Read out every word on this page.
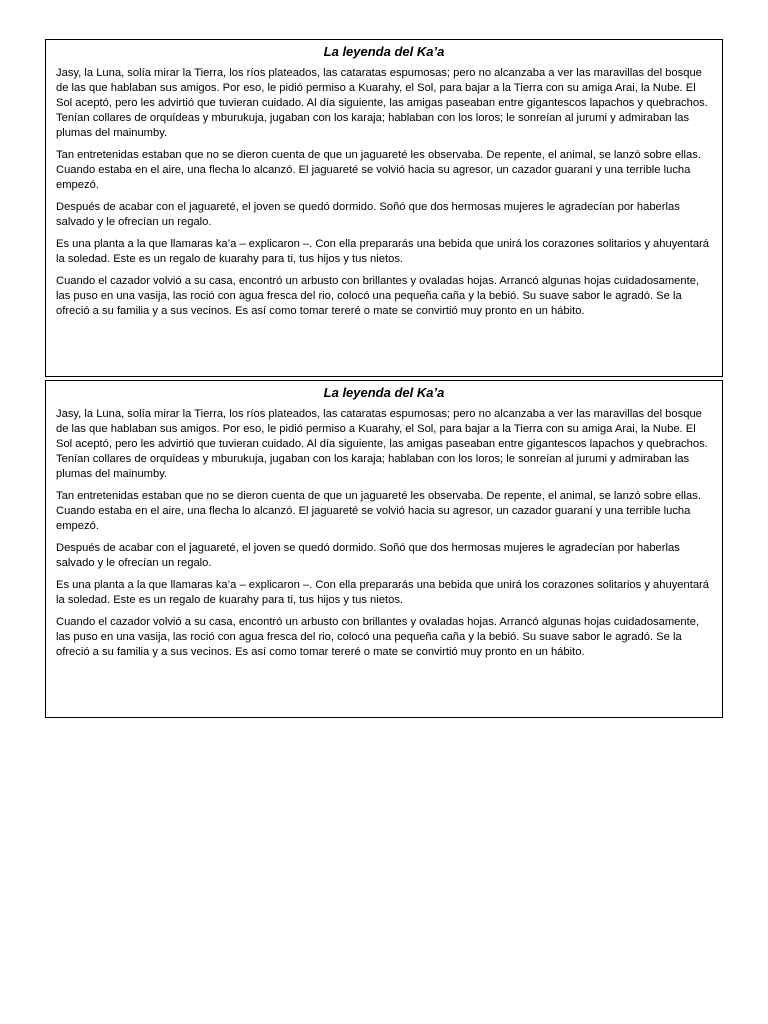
La leyenda del Ka’a

Jasy, la Luna, solía mirar la Tierra, los ríos plateados, las cataratas espumosas; pero no alcanzaba a ver las maravillas del bosque de las que hablaban sus amigos. Por eso, le pidió permiso a Kuarahy, el Sol, para bajar a la Tierra con su amiga Arai, la Nube. El Sol aceptó, pero les advirtió que tuvieran cuidado. Al día siguiente, las amigas paseaban entre gigantescos lapachos y quebrachos. Tenían collares de orquídeas y mburukuja, jugaban con los karaja; hablaban con los loros; le sonreían al jurumi y admiraban las plumas del mainumby.

Tan entretenidas estaban que no se dieron cuenta de que un jaguareté les observaba. De repente, el animal, se lanzó sobre ellas. Cuando estaba en el aire, una flecha lo alcanzó. El jaguareté se volvió hacia su agresor, un cazador guaraní y una terrible lucha empezó.

Después de acabar con el jaguareté, el joven se quedó dormido. Soñó que dos hermosas mujeres le agradecían por haberlas salvado y le ofrecían un regalo.

Es una planta a la que llamaras ka’a – explicaron –. Con ella prepararás una bebida que unirá los corazones solitarios y ahuyentará la soledad. Este es un regalo de kuarahy para ti, tus hijos y tus nietos.

Cuando el cazador volvió a su casa, encontró un arbusto con brillantes y ovaladas hojas. Arrancó algunas hojas cuidadosamente, las puso en una vasija, las roció con agua fresca del rio, colocó una pequeña caña y la bebió. Su suave sabor le agradó. Se la ofreció a su familia y a sus vecinos. Es así como tomar tereré o mate se convirtió muy pronto en un hábito.

La leyenda del Ka’a

Jasy, la Luna, solía mirar la Tierra, los ríos plateados, las cataratas espumosas; pero no alcanzaba a ver las maravillas del bosque de las que hablaban sus amigos. Por eso, le pidió permiso a Kuarahy, el Sol, para bajar a la Tierra con su amiga Arai, la Nube. El Sol aceptó, pero les advirtió que tuvieran cuidado. Al día siguiente, las amigas paseaban entre gigantescos lapachos y quebrachos. Tenían collares de orquídeas y mburukuja, jugaban con los karaja; hablaban con los loros; le sonreían al jurumi y admiraban las plumas del mainumby.

Tan entretenidas estaban que no se dieron cuenta de que un jaguareté les observaba. De repente, el animal, se lanzó sobre ellas. Cuando estaba en el aire, una flecha lo alcanzó. El jaguareté se volvió hacia su agresor, un cazador guaraní y una terrible lucha empezó.

Después de acabar con el jaguareté, el joven se quedó dormido. Soñó que dos hermosas mujeres le agradecían por haberlas salvado y le ofrecían un regalo.

Es una planta a la que llamaras ka’a – explicaron –. Con ella prepararás una bebida que unirá los corazones solitarios y ahuyentará la soledad. Este es un regalo de kuarahy para ti, tus hijos y tus nietos.

Cuando el cazador volvió a su casa, encontró un arbusto con brillantes y ovaladas hojas. Arrancó algunas hojas cuidadosamente, las puso en una vasija, las roció con agua fresca del rio, colocó una pequeña caña y la bebió. Su suave sabor le agradó. Se la ofreció a su familia y a sus vecinos. Es así como tomar tereré o mate se convirtió muy pronto en un hábito.
